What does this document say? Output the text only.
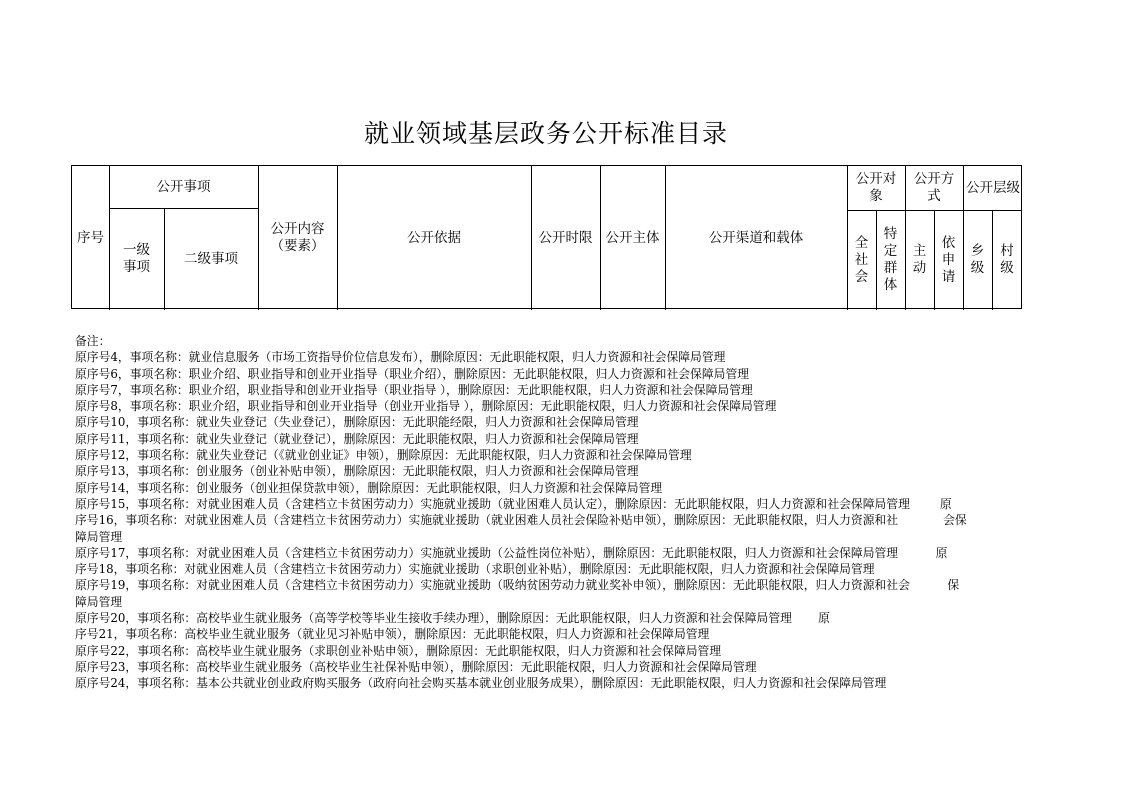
就业领域基层政务公开标准目录
序号
公开事项
一级
事项
二级事项
公开内容
（要素）
公开依据	公开时限 公开主体	公开渠道和载体
公开对
象
全
社
会
特
定
群
体
公开方
式
主
动
依
申
请
公开层级
乡
级
村
级
备注：
原序号4，事项名称：就业信息服务（市场工资指导价位信息发布），删除原因：无此职能权限，归人力资源和社会保障局管理
原序号6，事项名称：职业介绍、职业指导和创业开业指导（职业介绍），删除原因：无此职能权限，归人力资源和社会保障局管理
原序号7，事项名称：职业介绍，职业指导和创业开业指导（职业指导 ），删除原因：无此职能权限，归人力资源和社会保障局管理
原序号8，事项名称：职业介绍，职业指导和创业开业指导（创业开业指导 ），删除原因：无此职能权限，归人力资源和社会保障局管理
原序号10，事项名称：就业失业登记（失业登记），删除原因：无此职能经限，归人力资源和社会保障局管理
原序号11，事项名称：就业失业登记（就业登记），删除原因：无此职能权限，归人力资源和社会保障局管理
原序号12，事项名称：就业失业登记（《就业创业证》申领），删除原因：无此职能权限，归人力资源和社会保障局管理
原序号13，事项名称：创业服务（创业补贴申领），删除原因：无此职能权限，归人力资源和社会保障局管理
原序号14，事项名称：创业服务（创业担保贷款申领），删除原因：无此职能权限，归人力资源和社会保障局管理
原序号15，事项名称：对就业困难人员（含建档立卡贫困劳动力）实施就业援助（就业困难人员认定），删除原因：无此职能权限，归人力资源和社会保障局管理        原
序号16，事项名称：对就业困难人员（含建档立卡贫困劳动力）实施就业援助（就业困难人员社会保险补贴申领），删除原因：无此职能权限，归人力资源和社            会保
障局管理
原序号17，事项名称：对就业困难人员（含建档立卡贫困劳动力）实施就业援助（公益性岗位补贴），删除原因：无此职能权限，归人力资源和社会保障局管理          原
序号18，事项名称：对就业困难人员（含建档立卡贫困劳动力）实施就业援助（求职创业补贴），删除原因：无此职能权限，归人力资源和社会保障局管理
原序号19，事项名称：对就业困难人员（含建档立卡贫困劳动力）实施就业援助（吸纳贫困劳动力就业奖补申领），删除原因：无此职能权限，归人力资源和社会          保
障局管理
原序号20，事项名称：高校毕业生就业服务（高等学校等毕业生接收手续办理），删除原因：无此职能权限，归人力资源和社会保障局管理       原
序号21，事项名称：高校毕业生就业服务（就业见习补贴申领），删除原因：无此职能权限，归人力资源和社会保障局管理
原序号22，事项名称：高校毕业生就业服务（求职创业补贴申领），删除原因：无此职能权限，归人力资源和社会保障局管理
原序号23，事项名称：高校毕业生就业服务（高校毕业生社保补贴申领），删除原因：无此职能权限，归人力资源和社会保障局管理
原序号24，事项名称：基本公共就业创业政府购买服务（政府向社会购买基本就业创业服务成果），删除原因：无此职能权限，归人力资源和社会保障局管理
